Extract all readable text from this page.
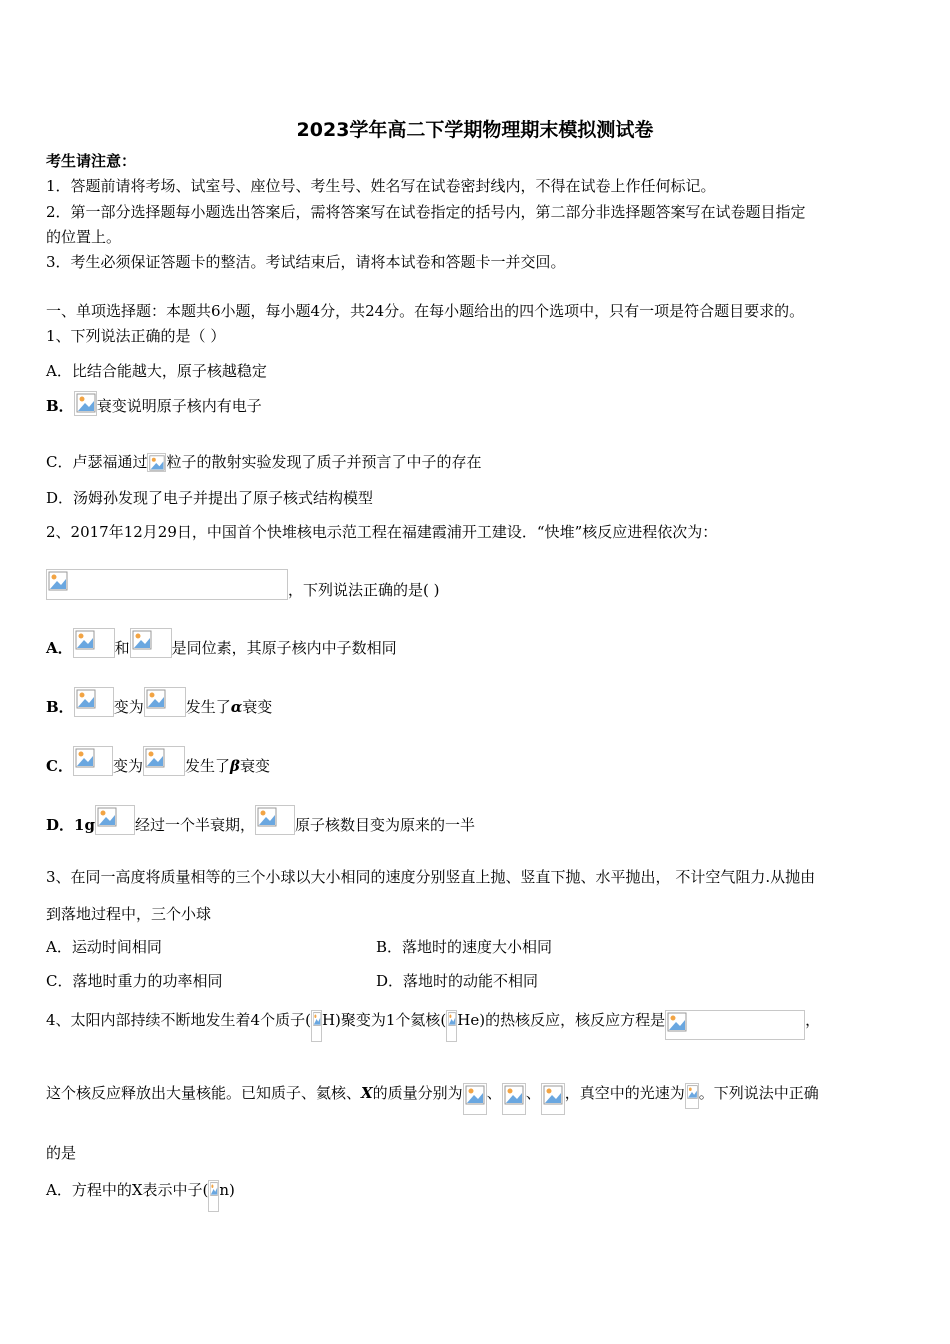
2023学年高二下学期物理期末模拟测试卷
考生请注意：
1．答题前请将考场、试室号、座位号、考生号、姓名写在试卷密封线内，不得在试卷上作任何标记。
2．第一部分选择题每小题选出答案后，需将答案写在试卷指定的括号内，第二部分非选择题答案写在试卷题目指定
的位置上。
3．考生必须保证答题卡的整洁。考试结束后，请将本试卷和答题卡一并交回。
一、单项选择题：本题共6小题，每小题4分，共24分。在每小题给出的四个选项中，只有一项是符合题目要求的。
1、下列说法正确的是（ ）
A．比结合能越大，原子核越稳定
B． 衰变说明原子核内有电子
C．卢瑟福通过 粒子的散射实验发现了质子并预言了中子的存在
D．汤姆孙发现了电子并提出了原子核式结构模型
2、2017年12月29日，中国首个快堆核电示范工程在福建霞浦开工建设．“快堆”核反应进程依次为：
，下列说法正确的是( )
A．	和	是同位素，其原子核内中子数相同
B．	变为	发生了α衰变
C．	变为	发生了β衰变
D．1g	经过一个半衰期，	原子核数目变为原来的一半
3、在同一高度将质量相等的三个小球以大小相同的速度分别竖直上抛、竖直下抛、水平抛出， 不计空气阻力.从抛由
到落地过程中，三个小球
A．运动时间相同	B．落地时的速度大小相同
C．落地时重力的功率相同	D．落地时的动能不相同
4、太阳内部持续不断地发生着4个质子( H)聚变为1个氦核( He)的热核反应，核反应方程是	，
这个核反应释放出大量核能。已知质子、氦核、X的质量分别为 、 、 ，真空中的光速为 。下列说法中正确
的是
A．方程中的X表示中子( n)
